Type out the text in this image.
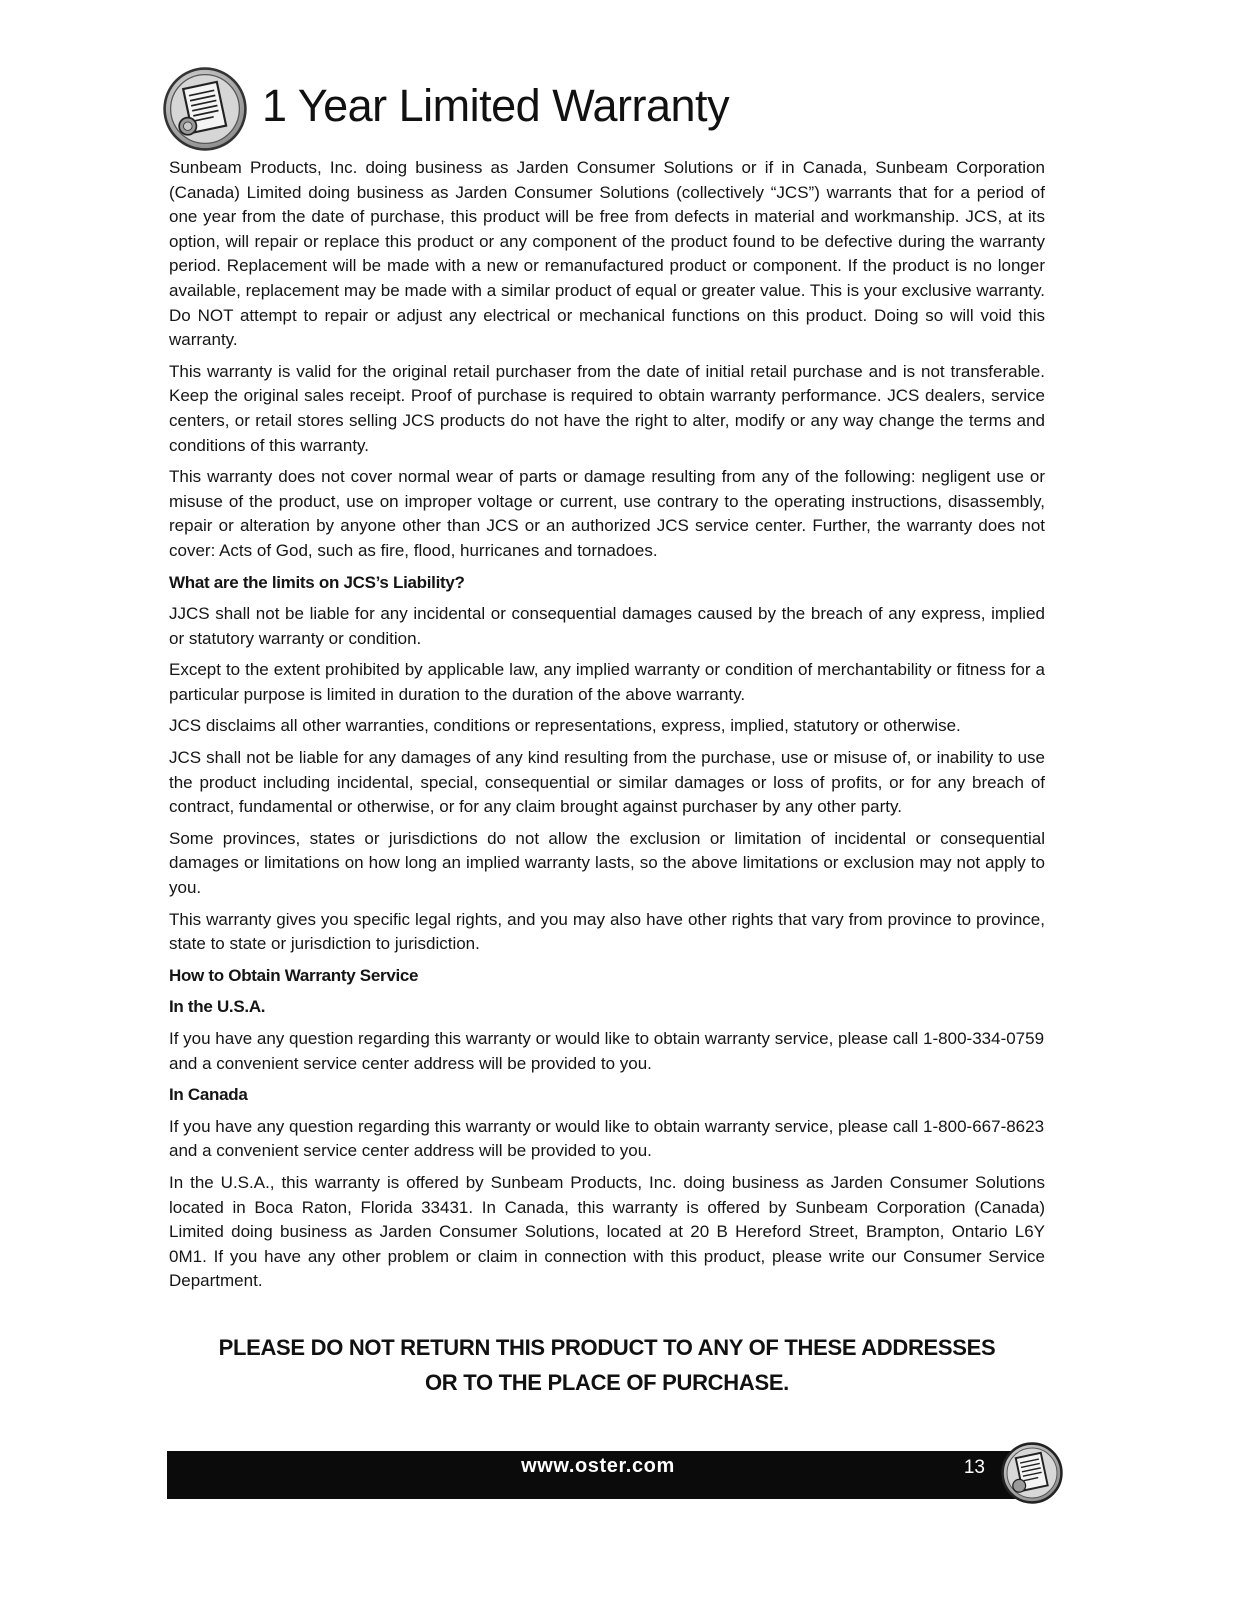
1 Year Limited Warranty

Sunbeam Products, Inc. doing business as Jarden Consumer Solutions or if in Canada, Sunbeam Corporation (Canada) Limited doing business as Jarden Consumer Solutions (collectively “JCS”) warrants that for a period of one year from the date of purchase, this product will be free from defects in material and workmanship. JCS, at its option, will repair or replace this product or any component of the product found to be defective during the warranty period. Replacement will be made with a new or remanufactured product or component. If the product is no longer available, replacement may be made with a similar product of equal or greater value. This is your exclusive warranty. Do NOT attempt to repair or adjust any electrical or mechanical functions on this product. Doing so will void this warranty.

This warranty is valid for the original retail purchaser from the date of initial retail purchase and is not transferable. Keep the original sales receipt. Proof of purchase is required to obtain warranty performance. JCS dealers, service centers, or retail stores selling JCS products do not have the right to alter, modify or any way change the terms and conditions of this warranty.

This warranty does not cover normal wear of parts or damage resulting from any of the following: negligent use or misuse of the product, use on improper voltage or current, use contrary to the operating instructions, disassembly, repair or alteration by anyone other than JCS or an authorized JCS service center. Further, the warranty does not cover: Acts of God, such as fire, flood, hurricanes and tornadoes.

What are the limits on JCS’s Liability?

JJCS shall not be liable for any incidental or consequential damages caused by the breach of any express, implied or statutory warranty or condition.

Except to the extent prohibited by applicable law, any implied warranty or condition of merchantability or fitness for a particular purpose is limited in duration to the duration of the above warranty.

JCS disclaims all other warranties, conditions or representations, express, implied, statutory or otherwise.

JCS shall not be liable for any damages of any kind resulting from the purchase, use or misuse of, or inability to use the product including incidental, special, consequential or similar damages or loss of profits, or for any breach of contract, fundamental or otherwise, or for any claim brought against purchaser by any other party.

Some provinces, states or jurisdictions do not allow the exclusion or limitation of incidental or consequential damages or limitations on how long an implied warranty lasts, so the above limitations or exclusion may not apply to you.

This warranty gives you specific legal rights, and you may also have other rights that vary from province to province, state to state or jurisdiction to jurisdiction.

How to Obtain Warranty Service
In the U.S.A.

If you have any question regarding this warranty or would like to obtain warranty service, please call 1-800-334-0759 and a convenient service center address will be provided to you.

In Canada

If you have any question regarding this warranty or would like to obtain warranty service, please call 1-800-667-8623 and a convenient service center address will be provided to you.

In the U.S.A., this warranty is offered by Sunbeam Products, Inc. doing business as Jarden Consumer Solutions located in Boca Raton, Florida 33431. In Canada, this warranty is offered by Sunbeam Corporation (Canada) Limited doing business as Jarden Consumer Solutions, located at 20 B Hereford Street, Brampton, Ontario L6Y 0M1. If you have any other problem or claim in connection with this product, please write our Consumer Service Department.

PLEASE DO NOT RETURN THIS PRODUCT TO ANY OF THESE ADDRESSES
OR TO THE PLACE OF PURCHASE.
www.oster.com	13
